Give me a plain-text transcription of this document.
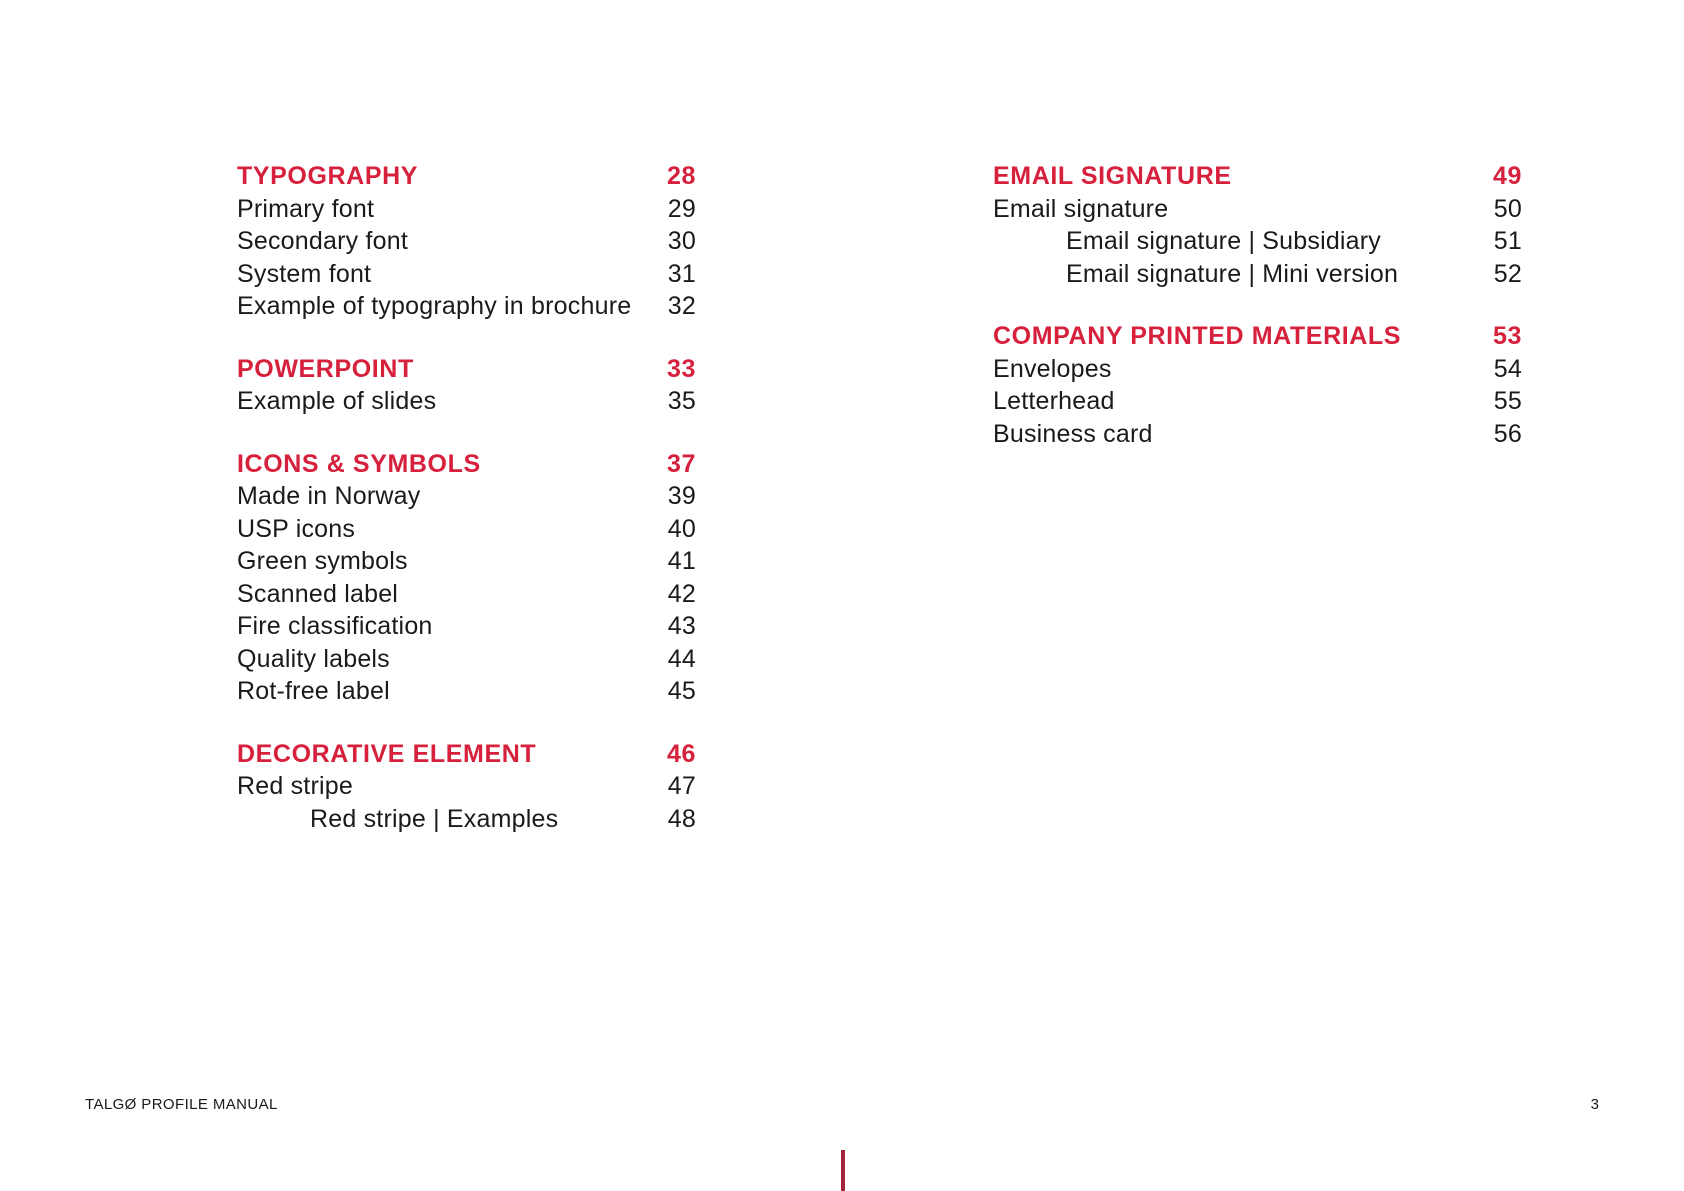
TYPOGRAPHY	28
Primary font	29
Secondary font	30
System font	31
Example of typography in brochure 32
POWERPOINT	33
Example of slides	35
ICONS & SYMBOLS	37
Made in Norway	39
USP icons	40
Green symbols	41
Scanned label	42
Fire classification	43
Quality labels	44
Rot-free label	45
DECORATIVE ELEMENT	46
Red stripe	47
Red stripe | Examples	48
EMAIL SIGNATURE	49
Email signature	50
Email signature | Subsidiary	51
Email signature | Mini version	52
COMPANY PRINTED MATERIALS	53
Envelopes	54
Letterhead	55
Business card	56
TALGØ PROFILE MANUAL	3
